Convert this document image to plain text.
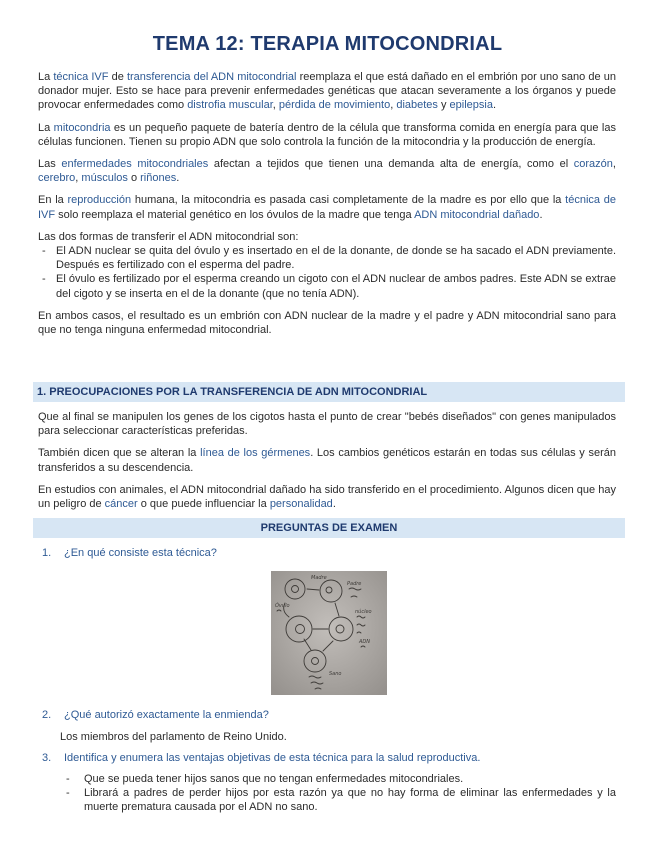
TEMA 12: TERAPIA MITOCONDRIAL

La técnica IVF de transferencia del ADN mitocondrial reemplaza el que está dañado en el embrión por uno sano de un donador mujer. Esto se hace para prevenir enfermedades genéticas que atacan severamente a los órganos y puede provocar enfermedades como distrofia muscular, pérdida de movimiento, diabetes y epilepsia.

La mitocondria es un pequeño paquete de batería dentro de la célula que transforma comida en energía para que las células funcionen. Tienen su propio ADN que solo controla la función de la mitocondria y la producción de energía.

Las enfermedades mitocondriales afectan a tejidos que tienen una demanda alta de energía, como el corazón, cerebro, músculos o riñones.

En la reproducción humana, la mitocondria es pasada casi completamente de la madre es por ello que la técnica de IVF solo reemplaza el material genético en los óvulos de la madre que tenga ADN mitocondrial dañado.

Las dos formas de transferir el ADN mitocondrial son:

- El ADN nuclear se quita del óvulo y es insertado en el de la donante, de donde se ha sacado el ADN previamente. Después es fertilizado con el esperma del padre.
- El óvulo es fertilizado por el esperma creando un cigoto con el ADN nuclear de ambos padres. Este ADN se extrae del cigoto y se inserta en el de la donante (que no tenía ADN).

En ambos casos, el resultado es un embrión con ADN nuclear de la madre y el padre y ADN mitocondrial sano para que no tenga ninguna enfermedad mitocondrial.

1. PREOCUPACIONES POR LA TRANSFERENCIA DE ADN MITOCONDRIAL

Que al final se manipulen los genes de los cigotos hasta el punto de crear "bebés diseñados" con genes manipulados para seleccionar características preferidas.

También dicen que se alteran la línea de los gérmenes. Los cambios genéticos estarán en todas sus células y serán transferidos a su descendencia.

En estudios con animales, el ADN mitocondrial dañado ha sido transferido en el procedimiento. Algunos dicen que hay un peligro de cáncer o que puede influenciar la personalidad.

PREGUNTAS DE EXAMEN
1. ¿En qué consiste esta técnica?
Madre
Padre
Óvulo
núcleo
ADN
Sano
2. ¿Qué autorizó exactamente la enmienda?
Los miembros del parlamento de Reino Unido.
3. Identifica y enumera las ventajas objetivas de esta técnica para la salud reproductiva.
- Que se pueda tener hijos sanos que no tengan enfermedades mitocondriales.
- Librará a padres de perder hijos por esta razón ya que no hay forma de eliminar las enfermedades y la muerte prematura causada por el ADN no sano.
